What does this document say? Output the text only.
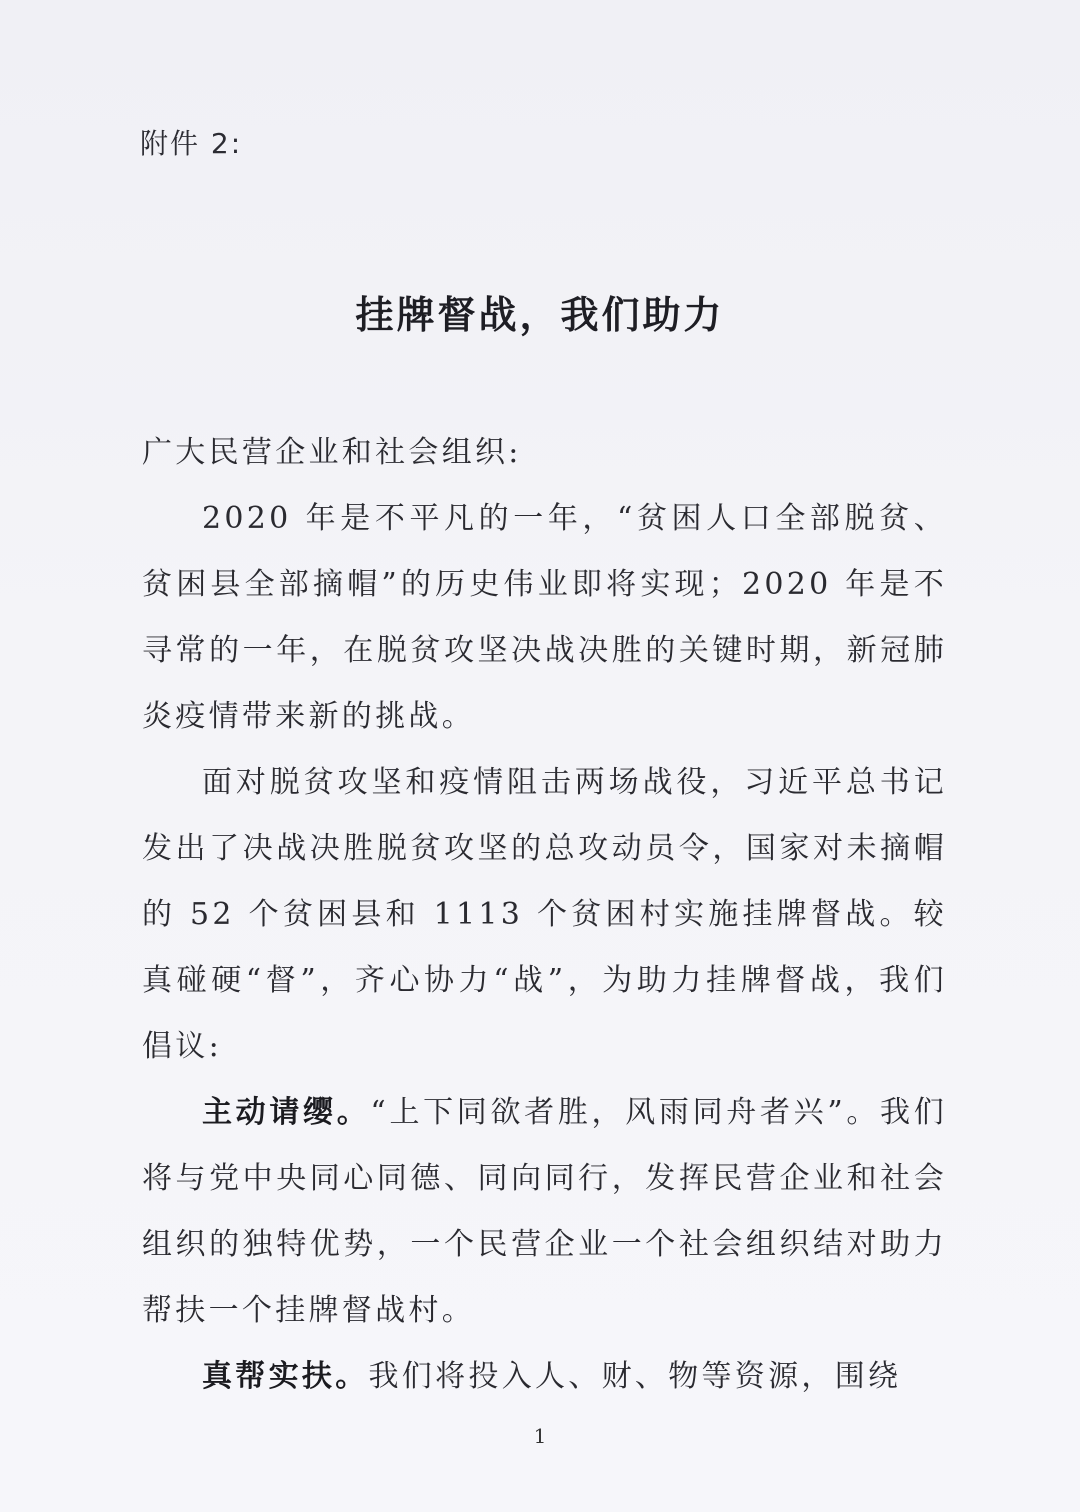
附件 2:
挂牌督战，我们助力

广大民营企业和社会组织:

2020 年是不平凡的一年，“贫困人口全部脱贫、贫困县全部摘帽”的历史伟业即将实现；2020 年是不寻常的一年，在脱贫攻坚决战决胜的关键时期，新冠肺炎疫情带来新的挑战。

面对脱贫攻坚和疫情阻击两场战役，习近平总书记发出了决战决胜脱贫攻坚的总攻动员令，国家对未摘帽的 52 个贫困县和 1113 个贫困村实施挂牌督战。较真碰硬“督”，齐心协力“战”，为助力挂牌督战，我们倡议:

主动请缨。“上下同欲者胜，风雨同舟者兴”。我们将与党中央同心同德、同向同行，发挥民营企业和社会组织的独特优势，一个民营企业一个社会组织结对助力帮扶一个挂牌督战村。

真帮实扶。我们将投入人、财、物等资源，围绕

1
